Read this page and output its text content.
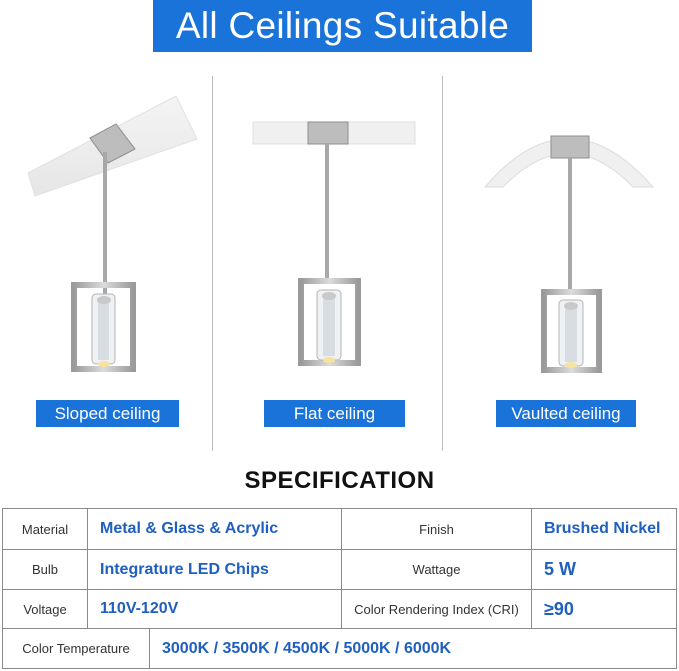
All Ceilings Suitable
Sloped ceiling	Flat ceiling	Vaulted ceiling
SPECIFICATION
Material	Metal & Glass & Acrylic	Finish	Brushed Nickel
Bulb	Integrature LED Chips	Wattage	5 W
Voltage	110V-120V	Color Rendering Index (CRI)	≥90
Color Temperature	3000K / 3500K / 4500K / 5000K / 6000K
